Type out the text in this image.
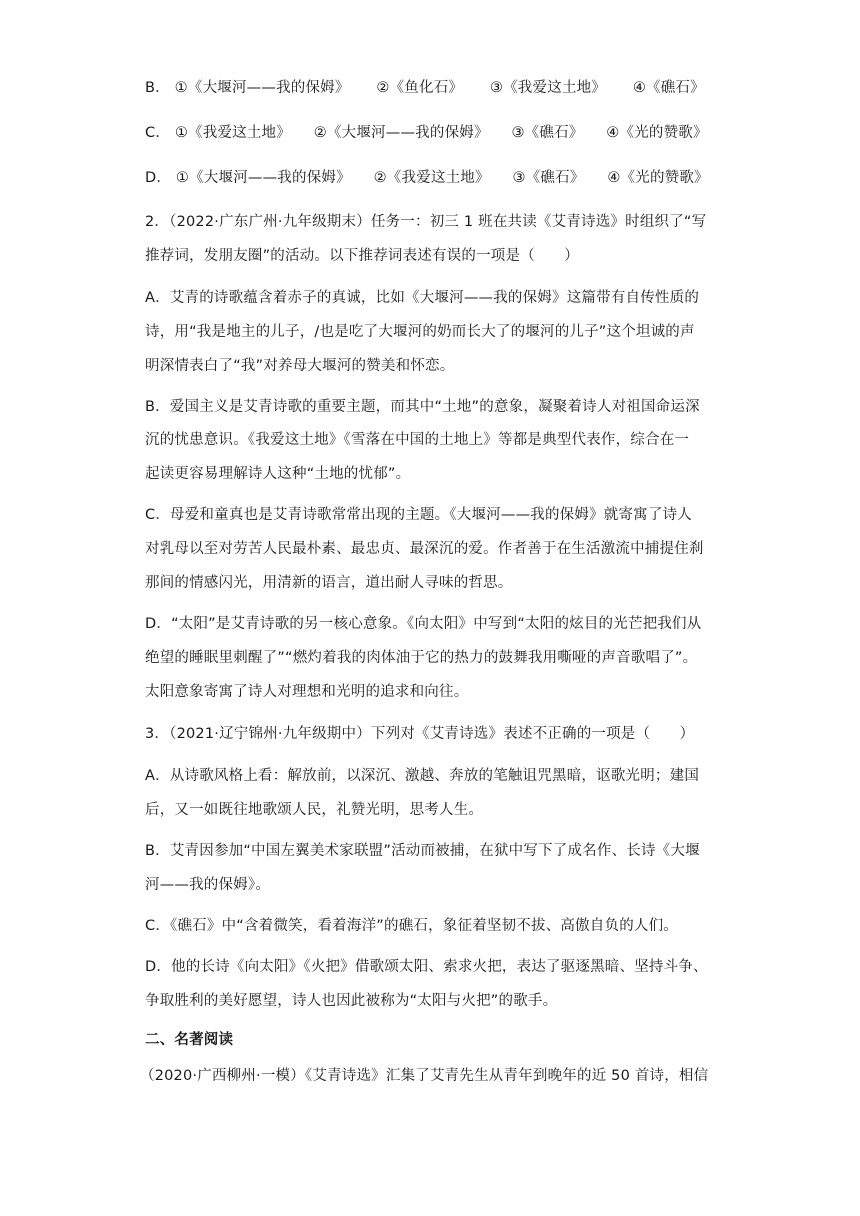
B． ①《大堰河——我的保姆》 ②《鱼化石》 ③《我爱这土地》 ④《礁石》
C． ①《我爱这土地》 ②《大堰河——我的保姆》 ③《礁石》 ④《光的赞歌》
D． ①《大堰河——我的保姆》 ②《我爱这土地》 ③《礁石》 ④《光的赞歌》
2．（2022·广东广州·九年级期末）任务一：初三 1 班在共读《艾青诗选》时组织了“写
推荐词，发朋友圈”的活动。以下推荐词表述有误的一项是（　　）
A．艾青的诗歌蕴含着赤子的真诚，比如《大堰河——我的保姆》这篇带有自传性质的
诗，用“我是地主的儿子，/也是吃了大堰河的奶而长大了的堰河的儿子”这个坦诚的声
明深情表白了“我”对养母大堰河的赞美和怀恋。
B．爱国主义是艾青诗歌的重要主题，而其中“土地”的意象，凝聚着诗人对祖国命运深
沉的忧患意识。《我爱这土地》《雪落在中国的土地上》等都是典型代表作，综合在一
起读更容易理解诗人这种“土地的忧郁”。
C．母爱和童真也是艾青诗歌常常出现的主题。《大堰河——我的保姆》就寄寓了诗人
对乳母以至对劳苦人民最朴素、最忠贞、最深沉的爱。作者善于在生活激流中捕提住刹
那间的情感闪光，用清新的语言，道出耐人寻味的哲思。
D．“太阳”是艾青诗歌的另一核心意象。《向太阳》中写到“太阳的炫目的光芒把我们从
绝望的睡眠里刺醒了”“燃灼着我的肉体油于它的热力的鼓舞我用嘶哑的声音歌唱了”。
太阳意象寄寓了诗人对理想和光明的追求和向往。
3．（2021·辽宁锦州·九年级期中）下列对《艾青诗选》表述不正确的一项是（　　）
A．从诗歌风格上看：解放前，以深沉、激越、奔放的笔触诅咒黑暗，讴歌光明；建国
后，又一如既往地歌颂人民，礼赞光明，思考人生。
B．艾青因参加“中国左翼美术家联盟”活动而被捕，在狱中写下了成名作、长诗《大堰
河——我的保姆》。
C．《礁石》中“含着微笑，看着海洋”的礁石，象征着坚韧不拔、高傲自负的人们。
D．他的长诗《向太阳》《火把》借歌颂太阳、索求火把，表达了驱逐黑暗、坚持斗争、
争取胜利的美好愿望，诗人也因此被称为“太阳与火把”的歌手。
二、名著阅读
（2020·广西柳州·一模）《艾青诗选》汇集了艾青先生从青年到晚年的近 50 首诗，相信
